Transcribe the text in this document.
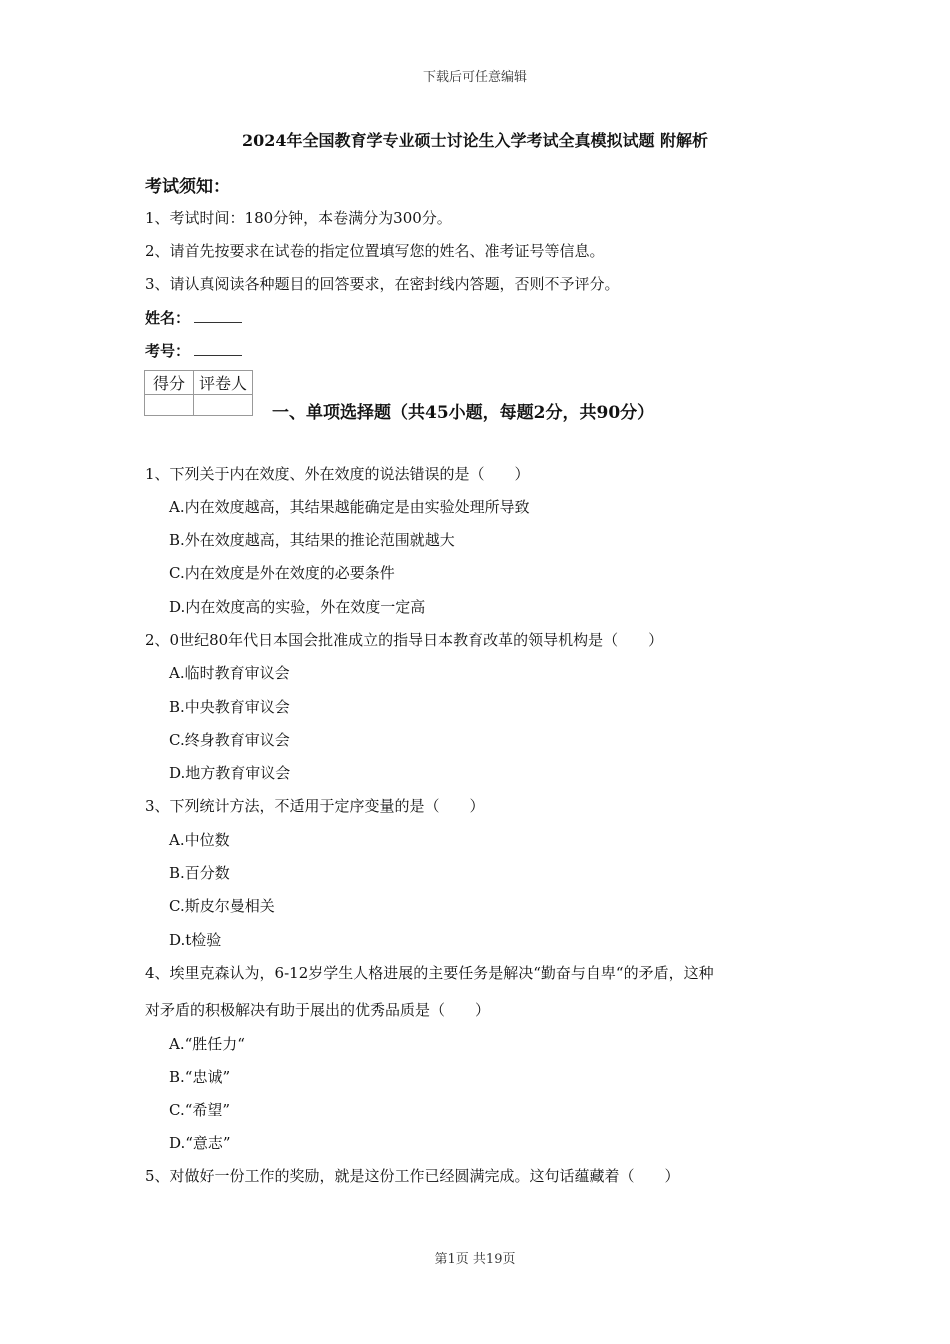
下载后可任意编辑
2024年全国教育学专业硕士讨论生入学考试全真模拟试题 附解析
考试须知：
1、考试时间：180分钟，本卷满分为300分。
2、请首先按要求在试卷的指定位置填写您的姓名、准考证号等信息。
3、请认真阅读各种题目的回答要求，在密封线内答题，否则不予评分。
姓名：
考号：
得分	评卷人

一、单项选择题（共45小题，每题2分，共90分）
1、下列关于内在效度、外在效度的说法错误的是（　　）
A.内在效度越高，其结果越能确定是由实验处理所导致
B.外在效度越高，其结果的推论范围就越大
C.内在效度是外在效度的必要条件
D.内在效度高的实验，外在效度一定高
2、0世纪80年代日本国会批准成立的指导日本教育改革的领导机构是（　　）
A.临时教育审议会
B.中央教育审议会
C.终身教育审议会
D.地方教育审议会
3、下列统计方法，不适用于定序变量的是（　　）
A.中位数
B.百分数
C.斯皮尔曼相关
D.t检验
4、埃里克森认为，6-12岁学生人格进展的主要任务是解决“勤奋与自卑“的矛盾，这种
对矛盾的积极解决有助于展出的优秀品质是（　　）
A.“胜任力“
B.“忠诚”
C.“希望”
D.“意志”
5、对做好一份工作的奖励，就是这份工作已经圆满完成。这句话蕴藏着（　　）
第1页 共19页
